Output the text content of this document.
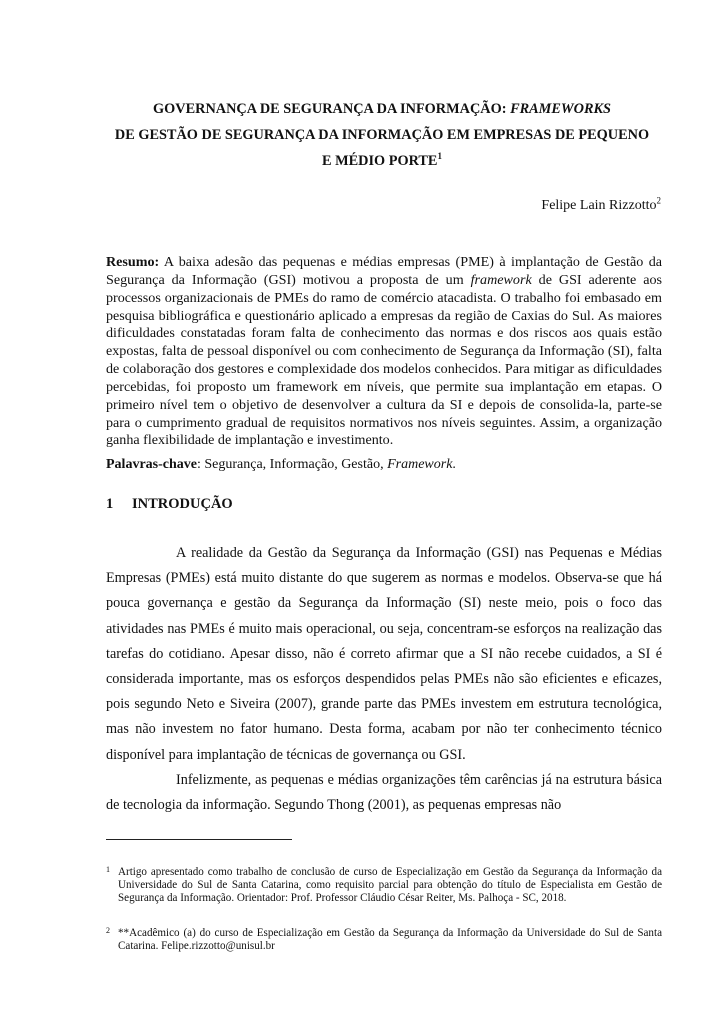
GOVERNANÇA DE SEGURANÇA DA INFORMAÇÃO: FRAMEWORKS

DE GESTÃO DE SEGURANÇA DA INFORMAÇÃO EM EMPRESAS DE PEQUENO

E MÉDIO PORTE$^1$

Felipe Lain Rizzotto$^2$

Resumo: A baixa adesão das pequenas e médias empresas (PME) à implantação de Gestão da Segurança da Informação (GSI) motivou a proposta de um framework de GSI aderente aos processos organizacionais de PMEs do ramo de comércio atacadista. O trabalho foi embasado em pesquisa bibliográfica e questionário aplicado a empresas da região de Caxias do Sul. As maiores dificuldades constatadas foram falta de conhecimento das normas e dos riscos aos quais estão expostas, falta de pessoal disponível ou com conhecimento de Segurança da Informação (SI), falta de colaboração dos gestores e complexidade dos modelos conhecidos. Para mitigar as dificuldades percebidas, foi proposto um framework em níveis, que permite sua implantação em etapas. O primeiro nível tem o objetivo de desenvolver a cultura da SI e depois de consolida-la, parte-se para o cumprimento gradual de requisitos normativos nos níveis seguintes. Assim, a organização ganha flexibilidade de implantação e investimento.

Palavras-chave: Segurança, Informação, Gestão, Framework.

1 INTRODUÇÃO

A realidade da Gestão da Segurança da Informação (GSI) nas Pequenas e Médias Empresas (PMEs) está muito distante do que sugerem as normas e modelos. Observa-se que há pouca governança e gestão da Segurança da Informação (SI) neste meio, pois o foco das atividades nas PMEs é muito mais operacional, ou seja, concentram-se esforços na realização das tarefas do cotidiano. Apesar disso, não é correto afirmar que a SI não recebe cuidados, a SI é considerada importante, mas os esforços despendidos pelas PMEs não são eficientes e eficazes, pois segundo Neto e Siveira (2007), grande parte das PMEs investem em estrutura tecnológica, mas não investem no fator humano. Desta forma, acabam por não ter conhecimento técnico disponível para implantação de técnicas de governança ou GSI.

Infelizmente, as pequenas e médias organizações têm carências já na estrutura básica de tecnologia da informação. Segundo Thong (2001), as pequenas empresas não

1 Artigo apresentado como trabalho de conclusão de curso de Especialização em Gestão da Segurança da Informação da Universidade do Sul de Santa Catarina, como requisito parcial para obtenção do título de Especialista em Gestão de Segurança da Informação. Orientador: Prof. Professor Cláudio César Reiter, Ms. Palhoça - SC, 2018.

2 **Acadêmico (a) do curso de Especialização em Gestão da Segurança da Informação da Universidade do Sul de Santa Catarina. Felipe.rizzotto@unisul.br
